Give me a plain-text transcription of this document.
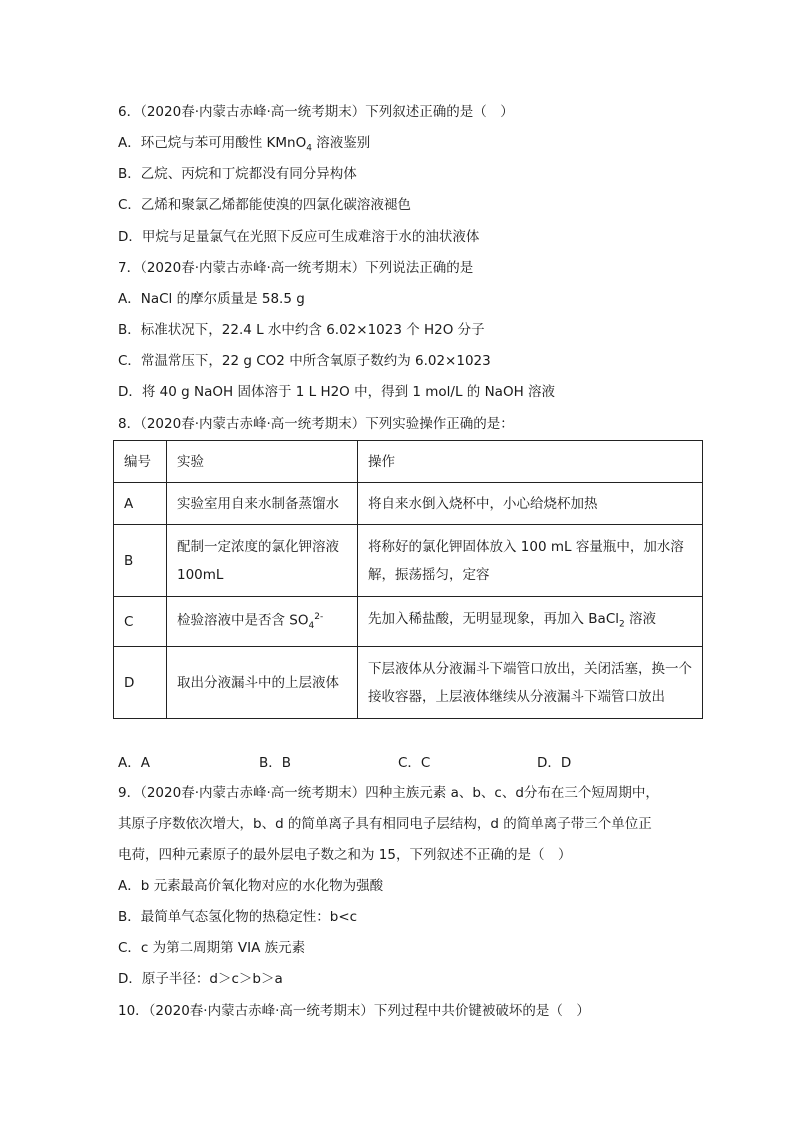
6．（2020春·内蒙古赤峰·高一统考期末）下列叙述正确的是（　）
A．环己烷与苯可用酸性 KMnO$_4$ 溶液鉴别
B．乙烷、丙烷和丁烷都没有同分异构体
C．乙烯和聚氯乙烯都能使溴的四氯化碳溶液褪色
D．甲烷与足量氯气在光照下反应可生成难溶于水的油状液体
7．（2020春·内蒙古赤峰·高一统考期末）下列说法正确的是
A．NaCl 的摩尔质量是 58.5 g
B．标准状况下，22.4 L 水中约含 6.02×1023 个 H2O 分子
C．常温常压下，22 g CO2 中所含氧原子数约为 6.02×1023
D．将 40 g NaOH 固体溶于 1 L H2O 中，得到 1 mol/L 的 NaOH 溶液
8．（2020春·内蒙古赤峰·高一统考期末）下列实验操作正确的是：
编号	实验	操作
A	实验室用自来水制备蒸馏水	将自来水倒入烧杯中，小心给烧杯加热
B	配制一定浓度的氯化钾溶液 100mL	将称好的氯化钾固体放入 100 mL 容量瓶中，加水溶解，振荡摇匀，定容
C	检验溶液中是否含 $SO_4^{2-}$	先加入稀盐酸，无明显现象，再加入 BaCl$_2$ 溶液
D	取出分液漏斗中的上层液体	下层液体从分液漏斗下端管口放出，关闭活塞，换一个接收容器，上层液体继续从分液漏斗下端管口放出
A．A	B．B	C．C	D．D
9．（2020春·内蒙古赤峰·高一统考期末）四种主族元素 a、b、c、d分布在三个短周期中，
其原子序数依次增大，b、d 的简单离子具有相同电子层结构，d 的简单离子带三个单位正
电荷，四种元素原子的最外层电子数之和为 15，下列叙述不正确的是（　）
A．b 元素最高价氧化物对应的水化物为强酸
B．最简单气态氢化物的热稳定性：b<c
C．c 为第二周期第 VIA 族元素
D．原子半径：d＞c＞b＞a
10．（2020春·内蒙古赤峰·高一统考期末）下列过程中共价键被破坏的是（　）
